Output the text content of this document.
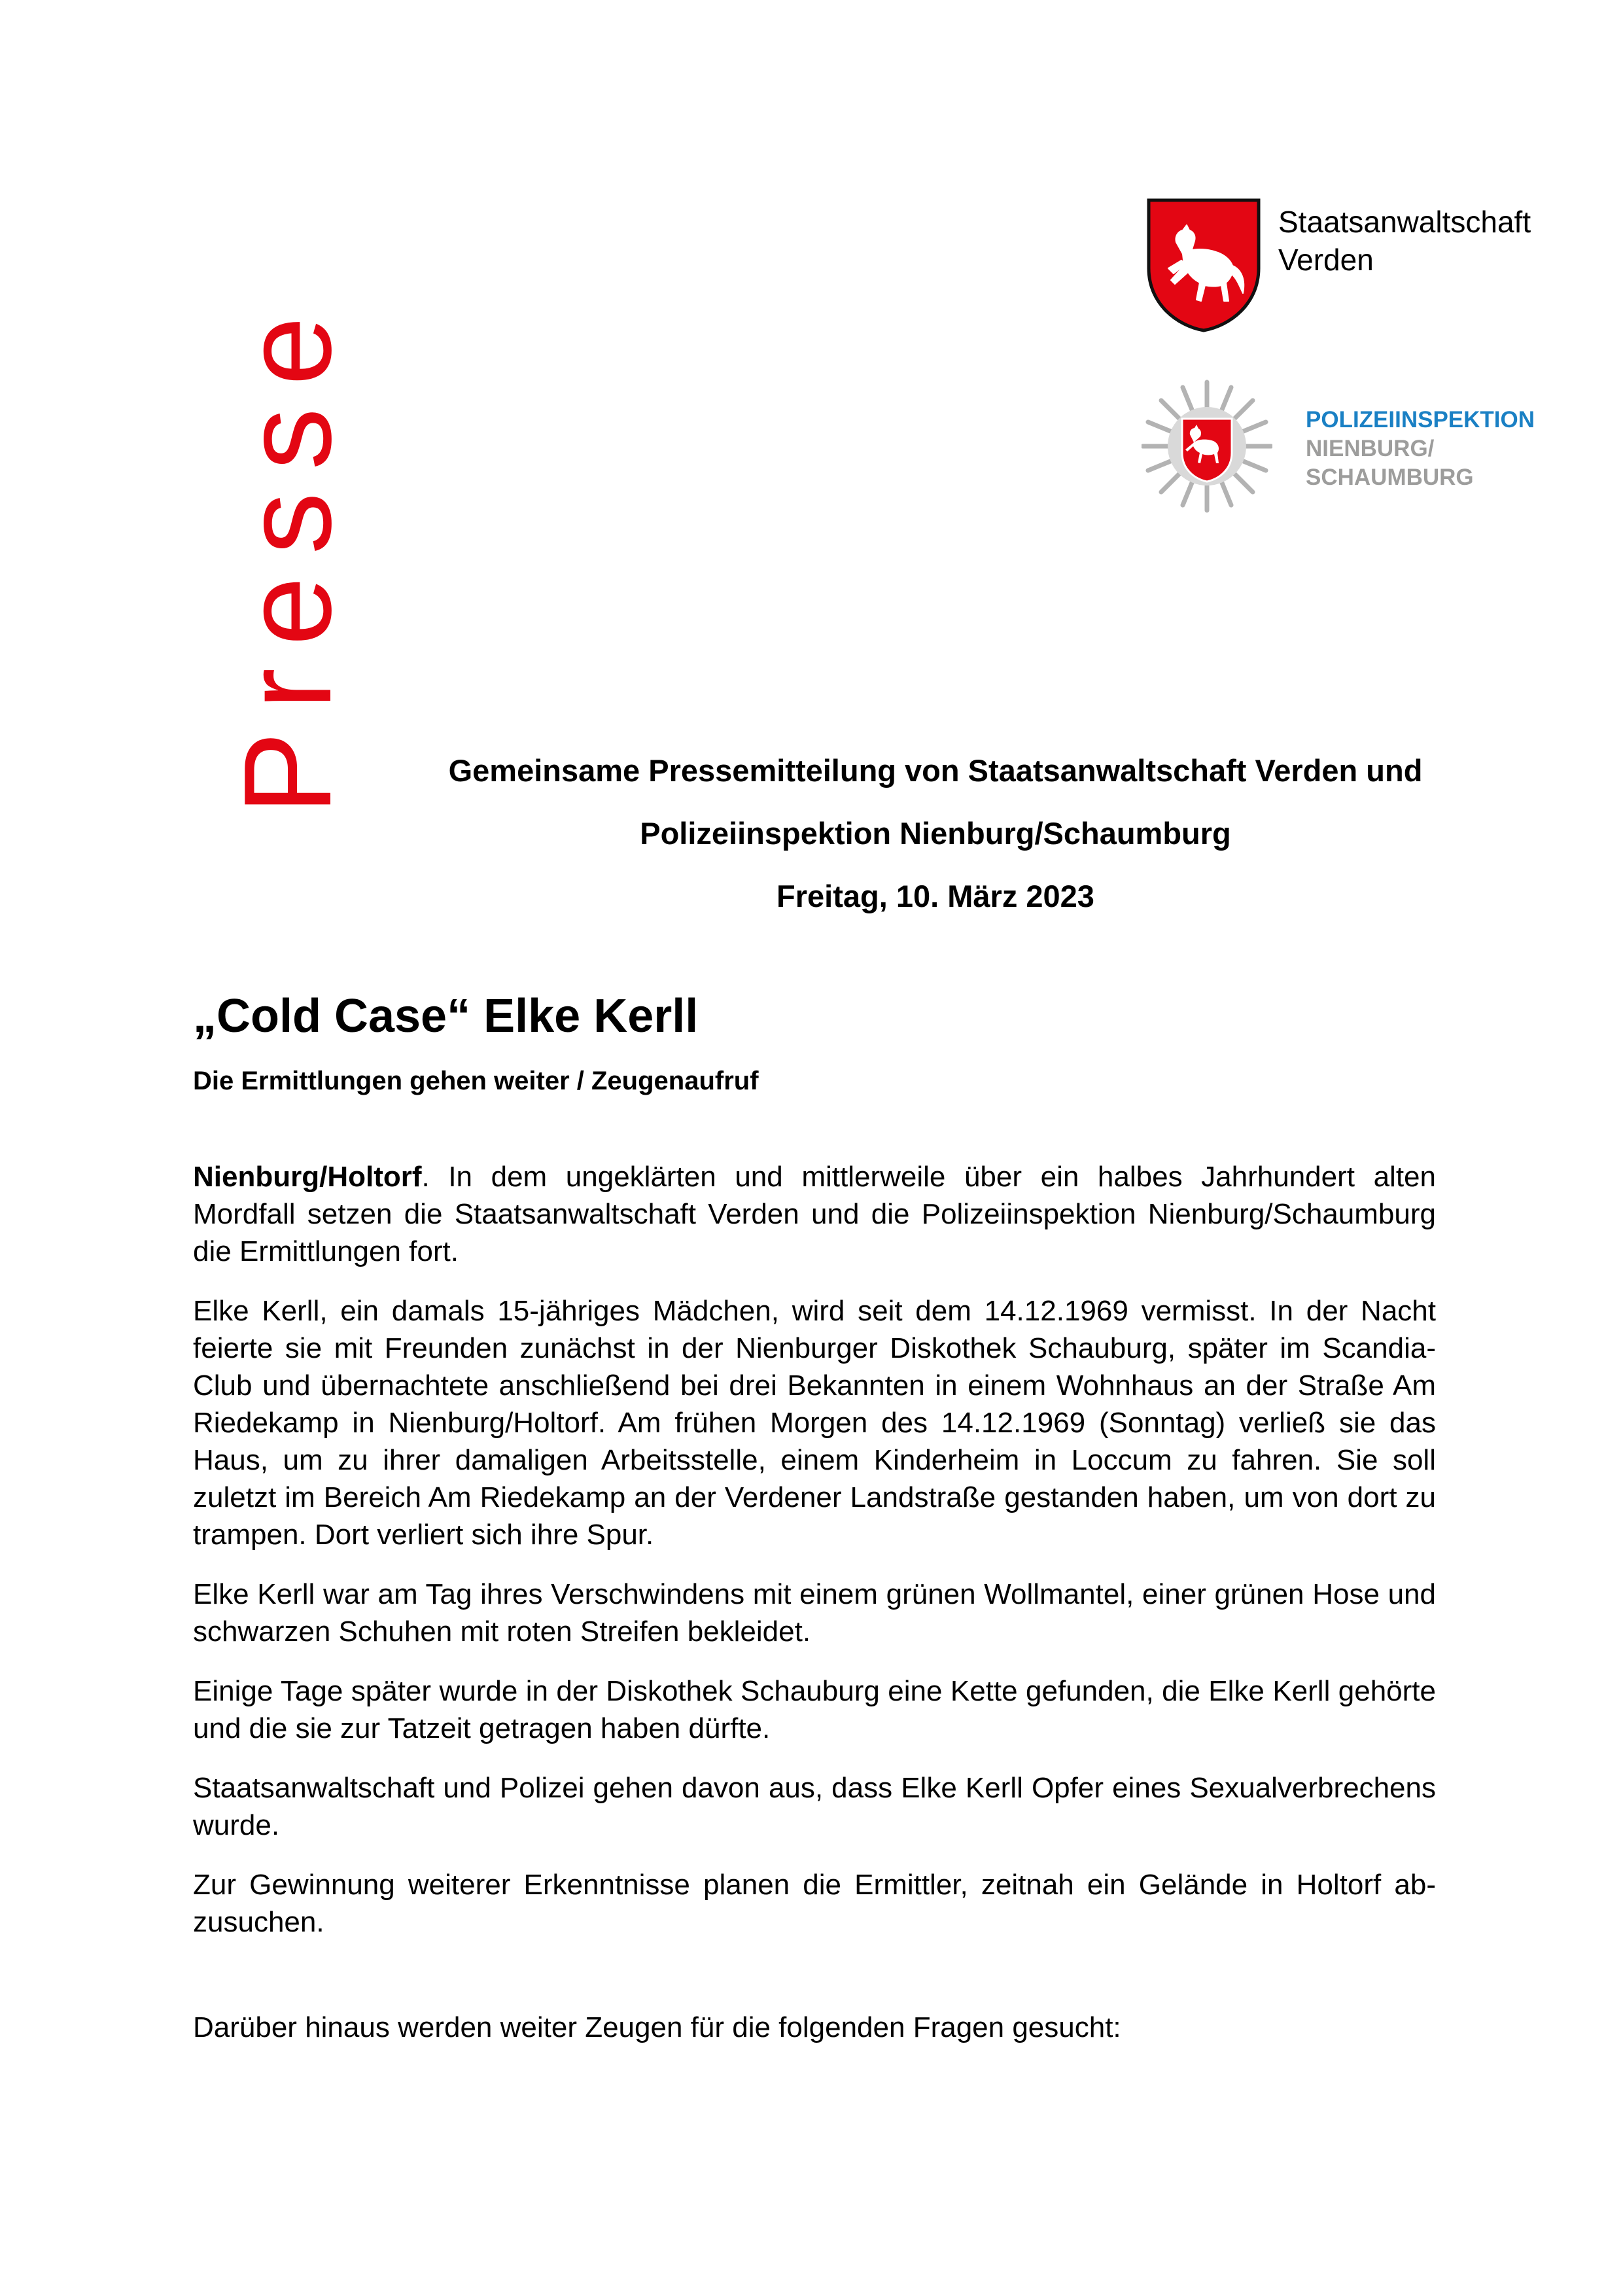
Presse
Staatsanwaltschaft
Verden
POLIZEIINSPEKTION
NIENBURG/
SCHAUMBURG
Gemeinsame Pressemitteilung von Staatsanwaltschaft Verden und
Polizeiinspektion Nienburg/Schaumburg
Freitag, 10. März 2023
„Cold Case“ Elke Kerll
Die Ermittlungen gehen weiter / Zeugenaufruf

Nienburg/Holtorf. In dem ungeklärten und mittlerweile über ein halbes Jahrhundert alten Mordfall setzen die Staatsanwaltschaft Verden und die Polizeiinspektion Nienburg/Schaumburg die Ermittlungen fort.

Elke Kerll, ein damals 15-jähriges Mädchen, wird seit dem 14.12.1969 vermisst. In der Nacht feierte sie mit Freunden zunächst in der Nienburger Diskothek Schauburg, später im Scandia-Club und übernachtete anschließend bei drei Bekannten in einem Wohnhaus an der Straße Am Riedekamp in Nienburg/Holtorf. Am frühen Morgen des 14.12.1969 (Sonntag) verließ sie das Haus, um zu ihrer damaligen Arbeitsstelle, einem Kinderheim in Loccum zu fahren. Sie soll zuletzt im Bereich Am Riedekamp an der Verdener Landstraße gestanden haben, um von dort zu trampen. Dort verliert sich ihre Spur.

Elke Kerll war am Tag ihres Verschwindens mit einem grünen Wollmantel, einer grünen Hose und schwarzen Schuhen mit roten Streifen bekleidet.

Einige Tage später wurde in der Diskothek Schauburg eine Kette gefunden, die Elke Kerll gehörte und die sie zur Tatzeit getragen haben dürfte.

Staatsanwaltschaft und Polizei gehen davon aus, dass Elke Kerll Opfer eines Sexualverbrechens wurde.

Zur Gewinnung weiterer Erkenntnisse planen die Ermittler, zeitnah ein Gelände in Holtorf abzusuchen.

Darüber hinaus werden weiter Zeugen für die folgenden Fragen gesucht:
